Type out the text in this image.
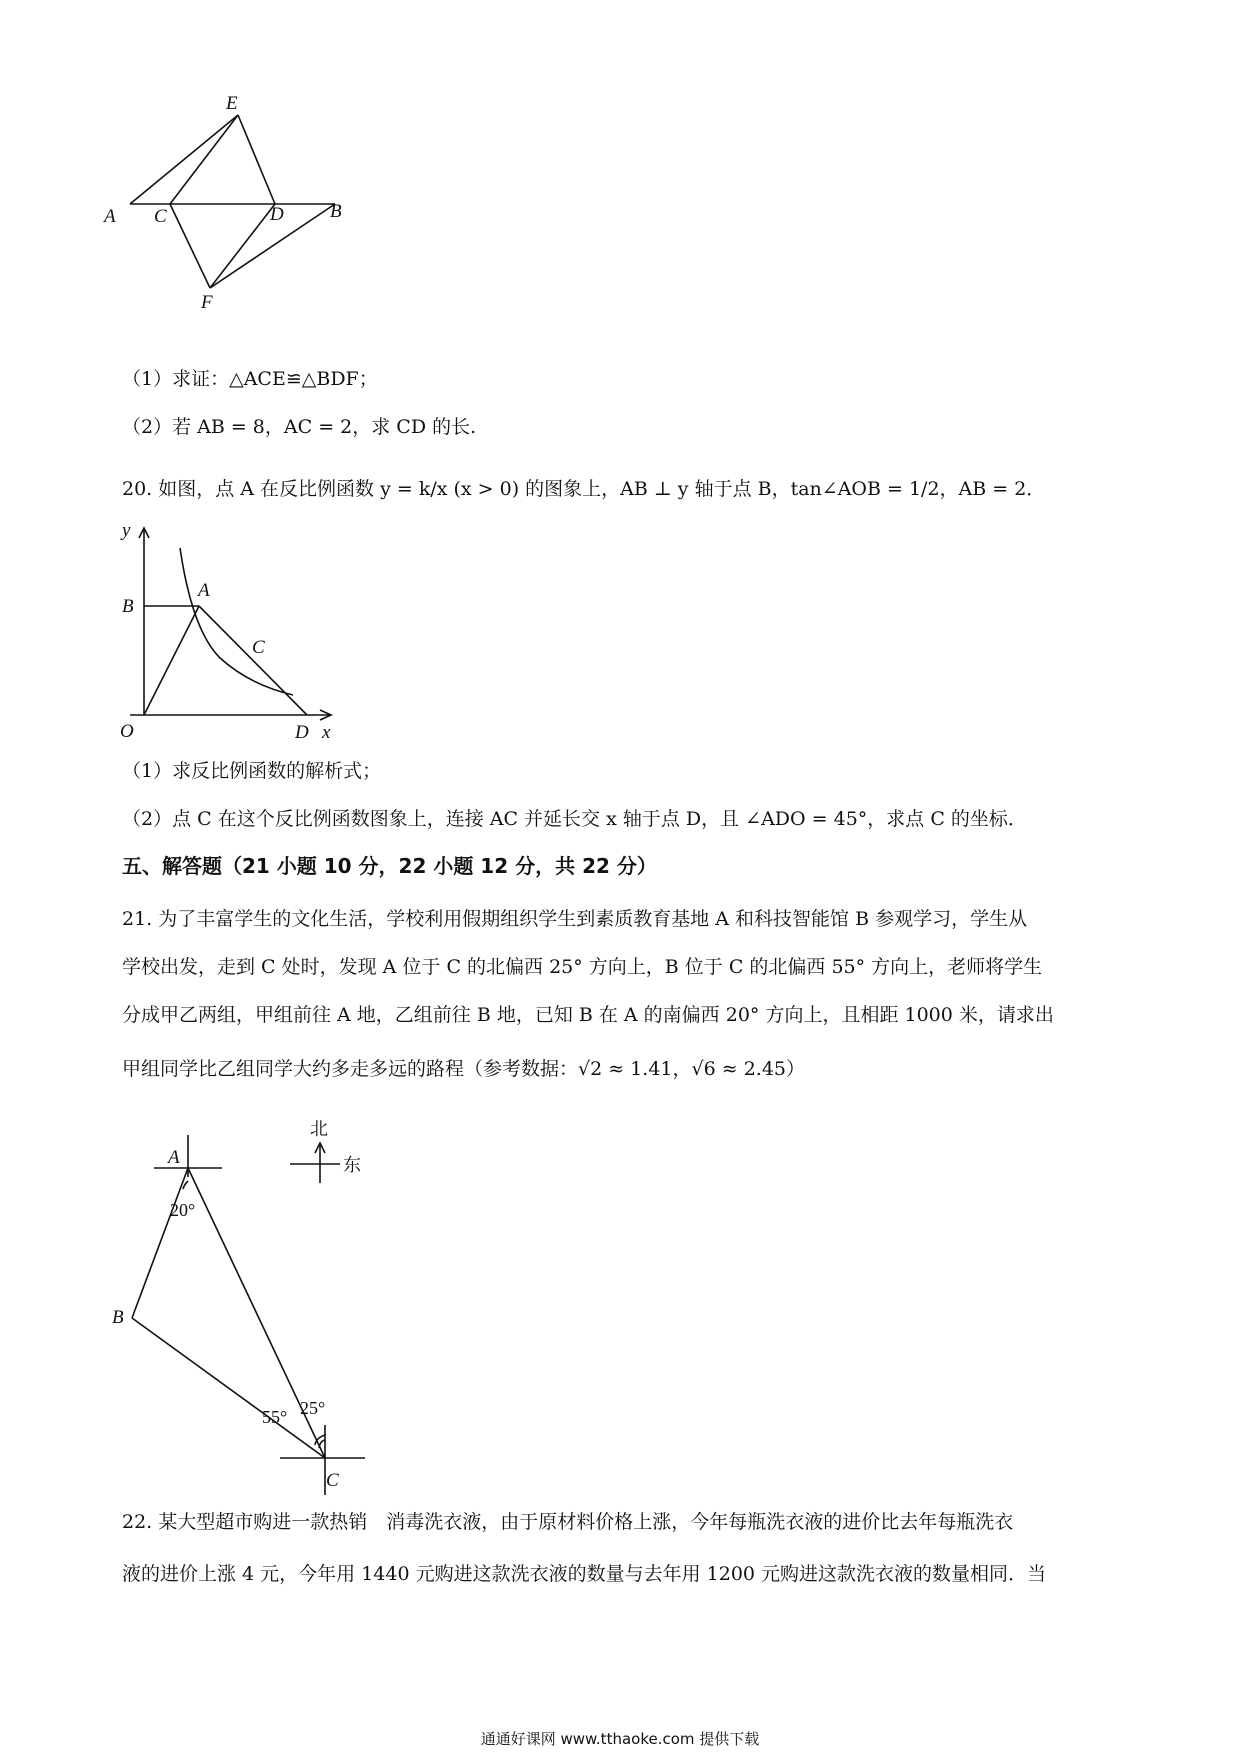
E
A C	D B
F
（1）求证：△ACE≌△BDF；
（2）若 AB = 8，AC = 2，求 CD 的长.
20. 如图，点 A 在反比例函数 y = k/x (x > 0) 的图象上，AB ⊥ y 轴于点 B，tan∠AOB = 1/2，AB = 2．
y
x
B
A
C
O	D
（1）求反比例函数的解析式；
（2）点 C 在这个反比例函数图象上，连接 AC 并延长交 x 轴于点 D，且 ∠ADO = 45°，求点 C 的坐标．
五、解答题（21 小题 10 分，22 小题 12 分，共 22 分）
21. 为了丰富学生的文化生活，学校利用假期组织学生到素质教育基地 A 和科技智能馆 B 参观学习，学生从
学校出发，走到 C 处时，发现 A 位于 C 的北偏西 25° 方向上，B 位于 C 的北偏西 55° 方向上，老师将学生
分成甲乙两组，甲组前往 A 地，乙组前往 B 地，已知 B 在 A 的南偏西 20° 方向上，且相距 1000 米，请求出
甲组同学比乙组同学大约多走多远的路程（参考数据：√2 ≈ 1.41，√6 ≈ 2.45）
北
东
A
B
C
20°
55° 25°
22. 某大型超市购进一款热销　消毒洗衣液，由于原材料价格上涨，今年每瓶洗衣液的进价比去年每瓶洗衣
液的进价上涨 4 元，今年用 1440 元购进这款洗衣液的数量与去年用 1200 元购进这款洗衣液的数量相同．当
通通好课网 www.tthaoke.com 提供下载
